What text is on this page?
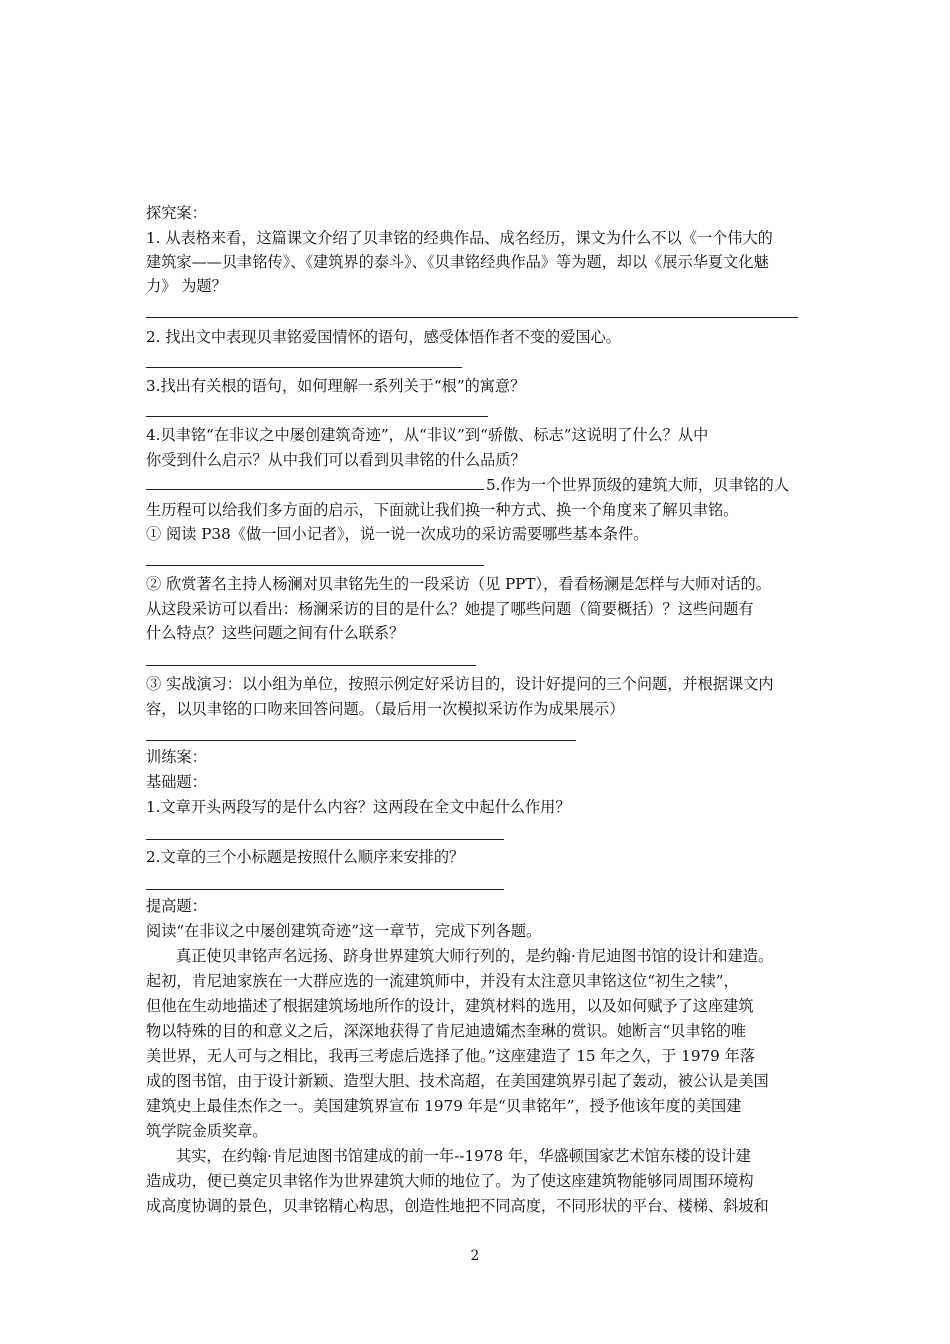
探究案：
1. 从表格来看，这篇课文介绍了贝聿铭的经典作品、成名经历，课文为什么不以《一个伟大的
建筑家——贝聿铭传》、《建筑界的泰斗》、《贝聿铭经典作品》等为题，却以《展示华夏文化魅
力》 为题？
2. 找出文中表现贝聿铭爱国情怀的语句，感受体悟作者不变的爱国心。
3.找出有关根的语句，如何理解一系列关于“根”的寓意？
4.贝聿铭“在非议之中屡创建筑奇迹”，从“非议”到“骄傲、标志”这说明了什么？从中
你受到什么启示？从中我们可以看到贝聿铭的什么品质？
5.作为一个世界顶级的建筑大师，贝聿铭的人
生历程可以给我们多方面的启示，下面就让我们换一种方式、换一个角度来了解贝聿铭。
① 阅读 P38《做一回小记者》，说一说一次成功的采访需要哪些基本条件。
② 欣赏著名主持人杨澜对贝聿铭先生的一段采访（见 PPT），看看杨澜是怎样与大师对话的。
从这段采访可以看出：杨澜采访的目的是什么？她提了哪些问题（简要概括）？这些问题有
什么特点？这些问题之间有什么联系？
③ 实战演习：以小组为单位，按照示例定好采访目的，设计好提问的三个问题，并根据课文内
容，以贝聿铭的口吻来回答问题。（最后用一次模拟采访作为成果展示）
训练案：
基础题：
1.文章开头两段写的是什么内容？这两段在全文中起什么作用？
2.文章的三个小标题是按照什么顺序来安排的？
提高题：
阅读“在非议之中屡创建筑奇迹”这一章节，完成下列各题。
真正使贝聿铭声名远扬、跻身世界建筑大师行列的，是约翰·肯尼迪图书馆的设计和建造。
起初，肯尼迪家族在一大群应选的一流建筑师中，并没有太注意贝聿铭这位“初生之犊”，
但他在生动地描述了根据建筑场地所作的设计，建筑材料的选用，以及如何赋予了这座建筑
物以特殊的目的和意义之后，深深地获得了肯尼迪遗孀杰奎琳的赏识。她断言“贝聿铭的唯
美世界，无人可与之相比，我再三考虑后选择了他。”这座建造了 15 年之久，于 1979 年落
成的图书馆，由于设计新颖、造型大胆、技术高超，在美国建筑界引起了轰动，被公认是美国
建筑史上最佳杰作之一。美国建筑界宣布 1979 年是“贝聿铭年”，授予他该年度的美国建
筑学院金质奖章。
其实，在约翰·肯尼迪图书馆建成的前一年--1978 年，华盛顿国家艺术馆东楼的设计建
造成功，便已奠定贝聿铭作为世界建筑大师的地位了。为了使这座建筑物能够同周围环境构
成高度协调的景色，贝聿铭精心构思，创造性地把不同高度，不同形状的平台、楼梯、斜坡和
2
